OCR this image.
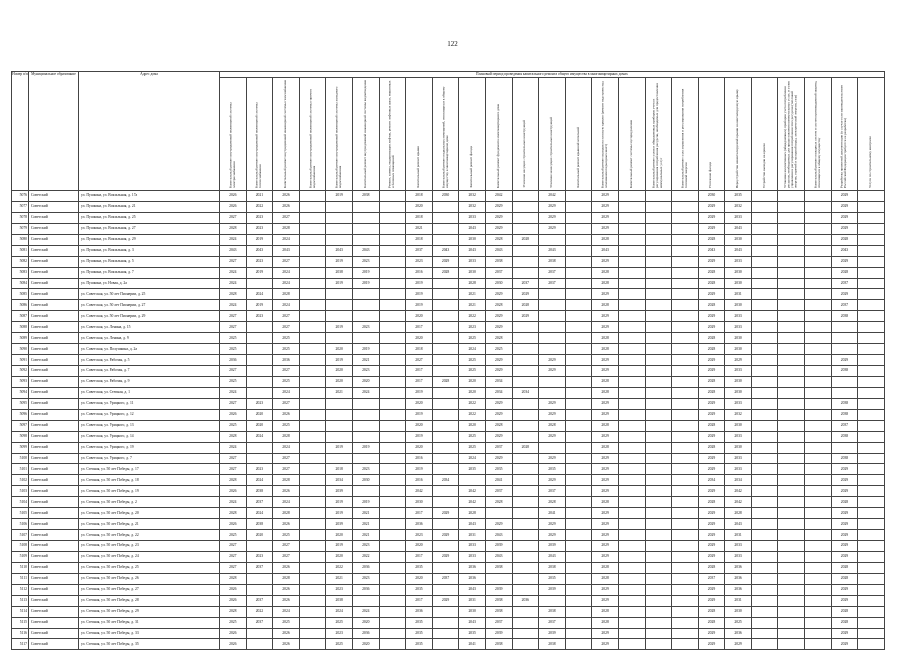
122
Номер п/п	Муниципальное образование	Адрес дома	Плановый период проведения капитального ремонта общего имущества в многоквартирных домах																								

			Капитальный ремонт внутридомовой инженерной системы электроснабжения	Капитальный ремонт внутридомовой инженерной системы теплоснабжения	Капитальный ремонт внутридомовой инженерной системы газоснабжения	Капитальный ремонт внутридомовой инженерной системы горячего водоснабжения	Капитальный ремонт внутридомовой инженерной системы холодного водоснабжения	Капитальный ремонт внутридомовой инженерной системы водоотведения	Ремонт, замена, модернизация лифтов, ремонт лифтовых шахт, машинных и блочных помещений	Капитальный ремонт крыши	Капитальный ремонт подвальных помещений, относящихся к общему имуществу в многоквартирном доме	Капитальный ремонт фасада	Капитальный ремонт фундамента многоквартирного дома	Усиление несущих строительных конструкций	Усиление ненесущих строительных конструкций	Капитальный ремонт крышной котельной	Капитальный ремонт выходов на плоскую кровлю (ремонт надстроек над оголовками подъездных шахт)	Капитальный ремонт системы мусороудаления	Капитальный ремонт узлов и общедомовых приборов учета и регулирования потребления ресурсов, необходимых для предоставления коммунальных услуг	Капитальный ремонт узла управления и регулирования потребления тепловой энергии	Утепление фасада	Переустройство невентилируемой крыши на вентилируемую крышу	Устройство выходов на кровлю	Установка коллективных (общедомовых) приборов учета потребления ресурсов, необходимых для предоставления коммунальных услуг, и узлов управления и регулирования потребления этих ресурсов (тепловой энергии, горячей и холодной воды, электрической энергии, газа)	Капитальный ремонт пожарных систем и систем противодымной защиты, относящихся к общему имуществу	Разработка проектной документации (в случае если законодательством Российской Федерации требуется ее разработка)	Услуги по строительному контролю

5076	Советский	ул. Пушкина, ул. Вокзальная, д. 17а	2026	2021	2026		2019	2038		2018	2030	2032	2042		2042		2029				2030	2035				2029	
5077	Советский	ул. Пушкина, ул. Вокзальная, д. 21	2026	2022	2026					2020		2032	2029		2029		2029				2029	2032				2029	
5078	Советский	ул. Пушкина, ул. Вокзальная, д. 25	2027	2023	2027					2018		2033	2029		2029		2029				2029	2033				2029	
5079	Советский	ул. Пушкина, ул. Вокзальная, д. 27	2028	2023	2028					2021		2043	2029		2029		2029				2029	2043				2029	
5080	Советский	ул. Пушкина, ул. Вокзальная, д. 29	2024	2019	2024					2018		2030	2028	2028			2028				2028	2030				2028	
5081	Советский	ул. Пушкина, ул. Вокзальная, д. 3	2043	2043	2043		2043	2043		2037	2043	2043	2043		2043		2043				2043	2043				2043	
5082	Советский	ул. Пушкина, ул. Вокзальная, д. 5	2027	2023	2027		2019	2023		2023	2029	2033	2038		2038		2029				2029	2033				2029	
5083	Советский	ул. Пушкина, ул. Вокзальная, д. 7	2024	2019	2024		2038	2019		2016	2028	2030	2037		2037		2028				2028	2030				2028	
5084	Советский	ул. Пушкина, ул. Новая, д. 2а	2024		2024		2019	2019		2019		2028	2030	2037	2037		2028				2028	2030				2037	
5085	Советский	ул. Советская, ул. 50 лет Пионерии, д. 25	2028	2024	2028					2019		2021	2029	2029			2029				2029	2031				2029	
5086	Советский	ул. Советская, ул. 50 лет Пионерии, д. 27	2024	2019	2024					2019		2021	2028	2028			2028				2028	2030				2037	
5087	Советский	ул. Советская, ул. 50 лет Пионерии, д. 29	2027	2023	2027					2020		2022	2029	2029			2029				2029	2033				2038	
5088	Советский	ул. Советская, ул. Ленина, д. 15	2027		2027		2019	2023		2017		2023	2029				2029				2029	2033					
5089	Советский	ул. Советская, ул. Ленина, д. 9	2025		2025					2020		2025	2028				2028				2028	2030					
5090	Советский	ул. Советская, ул. Полушкина, д. 2а	2025		2025		2020	2019		2018		2024	2025				2028				2028	2030					
5091	Советский	ул. Советская, ул. Рабочая, д. 5	2036		2036		2019	2021		2027		2025	2029		2029		2029				2029	2029				2029	
5092	Советский	ул. Советская, ул. Рабочая, д. 7	2027		2027		2020	2023		2017		2025	2029		2029		2029				2029	2033				2038	
5093	Советский	ул. Советская, ул. Рабочая, д. 9	2025		2025		2020	2020		2017	2028	2020	2034				2028				2028	2030					
5094	Советский	ул. Советская, ул. Степная, д. 1	2024		2024		2021	2024		2019		2020	2034	2034			2028				2028	2030					
5095	Советский	ул. Советская, ул. Урицкого, д. 11	2027	2023	2027					2020		2022	2029		2029		2029				2029	2033				2038	
5096	Советский	ул. Советская, ул. Урицкого, д. 12	2026	2020	2026					2019		2022	2029		2029		2029				2029	2032				2038	
5097	Советский	ул. Советская, ул. Урицкого, д. 13	2025	2020	2025					2020		2020	2028		2028		2028				2028	2030				2037	
5098	Советский	ул. Советская, ул. Урицкого, д. 14	2028	2024	2028					2019		2025	2029		2029		2029				2029	2033				2038	
5099	Советский	ул. Советская, ул. Урицкого, д. 19	2024		2024		2019	2019		2020		2025	2037	2028			2028				2028	2030					
5100	Советский	ул. Советская, ул. Урицкого, д. 7	2027		2027					2016		2024	2029		2029		2029				2029	2033				2038	
5101	Советский	ул. Степная, ул. 50 лет Победы, д. 17	2027	2023	2027		2018	2023		2019		2035	2035		2035		2029				2029	2033				2029	
5102	Советский	ул. Степная, ул. 50 лет Победы, д. 18	2028	2024	2028		2034	2030		2016	2034		2041		2029		2029				2034	2034				2029	
5103	Советский	ул. Степная, ул. 50 лет Победы, д. 19	2026	2038	2026		2039			2042		2042	2037		2037		2029				2029	2042				2029	
5104	Советский	ул. Степная, ул. 50 лет Победы, д. 2	2024	2037	2024		2019	2019		2030		2042	2028		2028		2028				2028	2042				2028	
5105	Советский	ул. Степная, ул. 50 лет Победы, д. 20	2028	2024	2028		2019	2021		2017	2029	2028			2041		2029				2029	2028				2029	
5106	Советский	ул. Степная, ул. 50 лет Победы, д. 21	2026	2038	2026		2039	2021		2036		2043	2029		2029		2029				2029	2043				2029	
5107	Советский	ул. Степная, ул. 50 лет Победы, д. 22	2025	2020	2025		2020	2021		2023	2029	2031	2043		2029		2029				2029	2031				2029	
5108	Советский	ул. Степная, ул. 50 лет Победы, д. 23	2027		2027		2019	2023		2020		2033	2039		2039		2029				2029	2033				2029	
5109	Советский	ул. Степная, ул. 50 лет Победы, д. 24	2027	2023	2027		2020	2022		2017	2029	2033	2043		2043		2029				2029	2033				2029	
5110	Советский	ул. Степная, ул. 50 лет Победы, д. 25	2027	2037	2026		2022	2036		2035		2036	2038		2038		2028				2028	2036				2028	
5111	Советский	ул. Степная, ул. 50 лет Победы, д. 26	2028		2028		2021	2023		2020	2037	2036			2035		2028				2037	2036				2028	
5112	Советский	ул. Степная, ул. 50 лет Победы, д. 27	2026		2026		2023	2036		2035		2043	2039		2039		2029				2029	2036				2029	
5113	Советский	ул. Степная, ул. 50 лет Победы, д. 28	2026	2037	2026		2038			2017	2029	2031	2038	2036			2029				2029	2031				2029	
5114	Советский	ул. Степная, ул. 50 лет Победы, д. 29	2028	2022	2024		2024	2024		2036		2030	2038		2038		2028				2028	2030				2028	
5115	Советский	ул. Степная, ул. 50 лет Победы, д. 31	2025	2037	2025		2025	2020		2035		2043	2037		2037		2028				2028	2025				2028	
5116	Советский	ул. Степная, ул. 50 лет Победы, д. 33	2026		2026		2023	2036		2035		2035	2039		2039		2029				2029	2036				2029	
5117	Советский	ул. Степная, ул. 50 лет Победы, д. 35	2026		2026		2025	2020		2035		2041	2038		2038		2029				2029	2029				2029	
